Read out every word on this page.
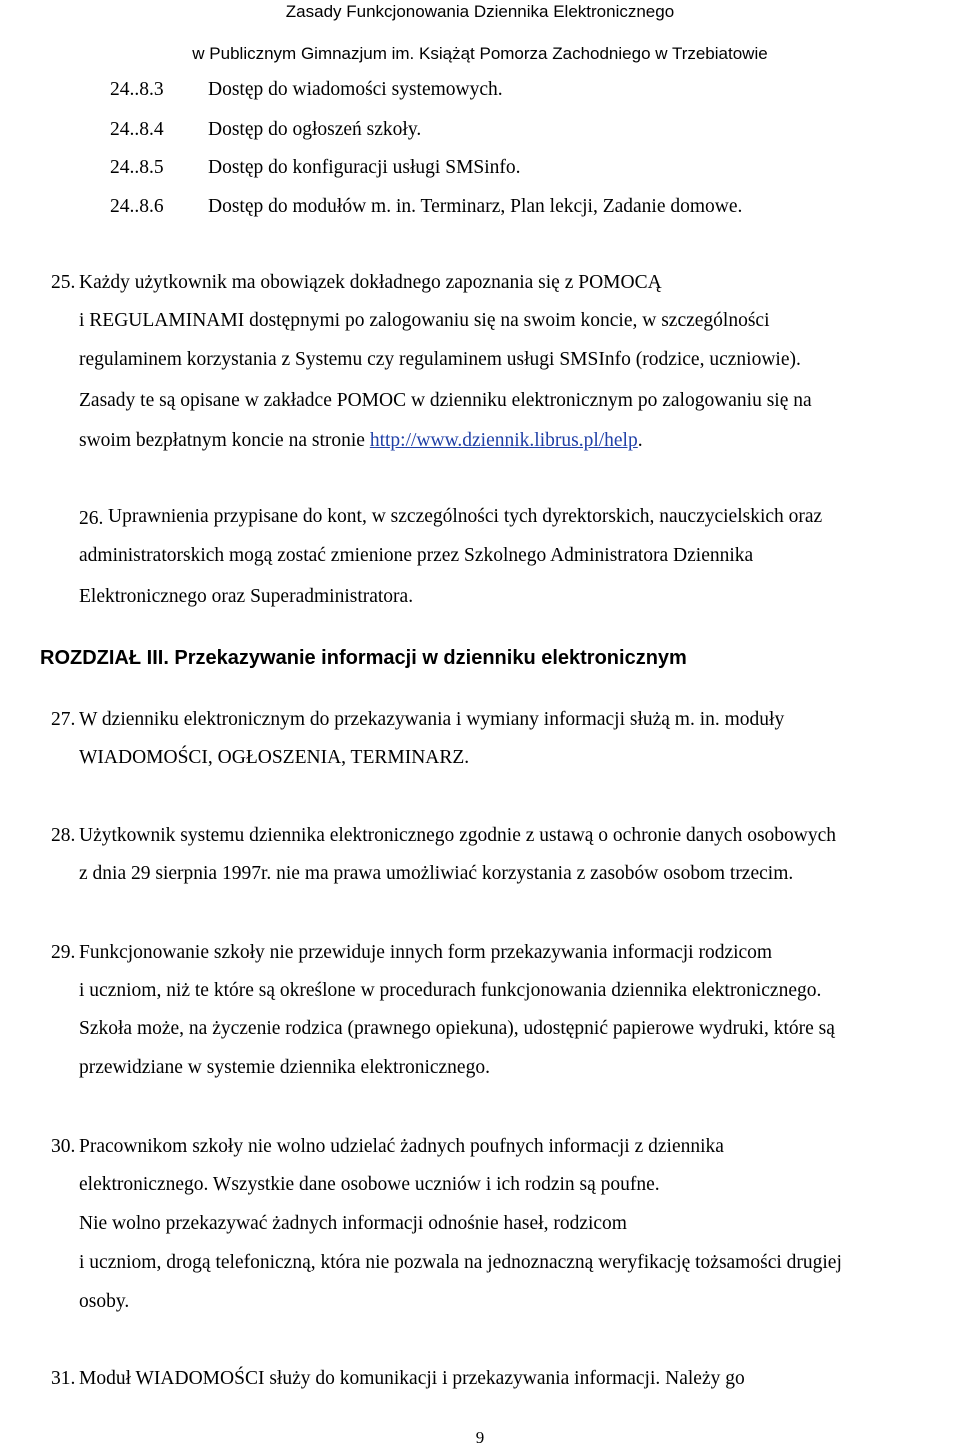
Zasady Funkcjonowania Dziennika Elektronicznego
w Publicznym Gimnazjum im. Książąt Pomorza Zachodniego w Trzebiatowie
24..8.3 Dostęp do wiadomości systemowych.
24..8.4 Dostęp do ogłoszeń szkoły.
24..8.5 Dostęp do konfiguracji usługi SMSinfo.
24..8.6 Dostęp do modułów m. in. Terminarz, Plan lekcji, Zadanie domowe.
25. Każdy użytkownik ma obowiązek dokładnego zapoznania się z POMOCĄ
i REGULAMINAMI dostępnymi po zalogowaniu się na swoim koncie, w szczególności
regulaminem korzystania z Systemu czy regulaminem usługi SMSInfo (rodzice, uczniowie).
Zasady te są opisane w zakładce POMOC w dzienniku elektronicznym po zalogowaniu się na
swoim bezpłatnym koncie na stronie http://www.dziennik.librus.pl/help.
26. Uprawnienia przypisane do kont, w szczególności tych dyrektorskich, nauczycielskich oraz
administratorskich mogą zostać zmienione przez Szkolnego Administratora Dziennika
Elektronicznego oraz Superadministratora.
ROZDZIAŁ III. Przekazywanie informacji w dzienniku elektronicznym
27. W dzienniku elektronicznym do przekazywania i wymiany informacji służą m. in. moduły
WIADOMOŚCI, OGŁOSZENIA, TERMINARZ.
28. Użytkownik systemu dziennika elektronicznego zgodnie z ustawą o ochronie danych osobowych
z dnia 29 sierpnia 1997r. nie ma prawa umożliwiać korzystania z zasobów osobom trzecim.
29. Funkcjonowanie szkoły nie przewiduje innych form przekazywania informacji rodzicom
i uczniom, niż te które są określone w procedurach funkcjonowania dziennika elektronicznego.
Szkoła może, na życzenie rodzica (prawnego opiekuna), udostępnić papierowe wydruki, które są
przewidziane w systemie dziennika elektronicznego.
30. Pracownikom szkoły nie wolno udzielać żadnych poufnych informacji z dziennika
elektronicznego. Wszystkie dane osobowe uczniów i ich rodzin są poufne.
Nie wolno przekazywać żadnych informacji odnośnie haseł, rodzicom
i uczniom, drogą telefoniczną, która nie pozwala na jednoznaczną weryfikację tożsamości drugiej
osoby.
31. Moduł WIADOMOŚCI służy do komunikacji i przekazywania informacji. Należy go
9
